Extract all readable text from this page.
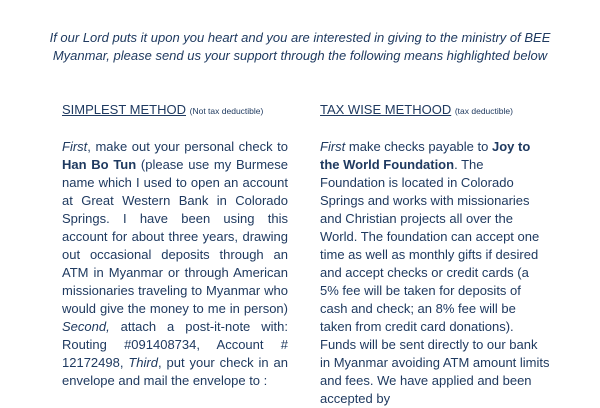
If our Lord puts it upon you heart and you are interested in giving to the ministry of BEE Myanmar, please send us your support through the following means highlighted below
SIMPLEST METHOD (Not tax deductible)

First, make out your personal check to Han Bo Tun (please use my Burmese name which I used to open an account at Great Western Bank in Colorado Springs. I have been using this account for about three years, drawing out occasional deposits through an ATM in Myanmar or through American missionaries traveling to Myanmar who would give the money to me in person) Second, attach a post-it-note with: Routing #091408734, Account # 12172498, Third, put your check in an envelope and mail the envelope to :

TAX WISE METHOOD (tax deductible)

First make checks payable to Joy to the World Foundation. The Foundation is located in Colorado Springs and works with missionaries and Christian projects all over the World. The foundation can accept one time as well as monthly gifts if desired and accept checks or credit cards (a 5% fee will be taken for deposits of cash and check; an 8% fee will be taken from credit card donations). Funds will be sent directly to our bank in Myanmar avoiding ATM amount limits and fees. We have applied and been accepted by
